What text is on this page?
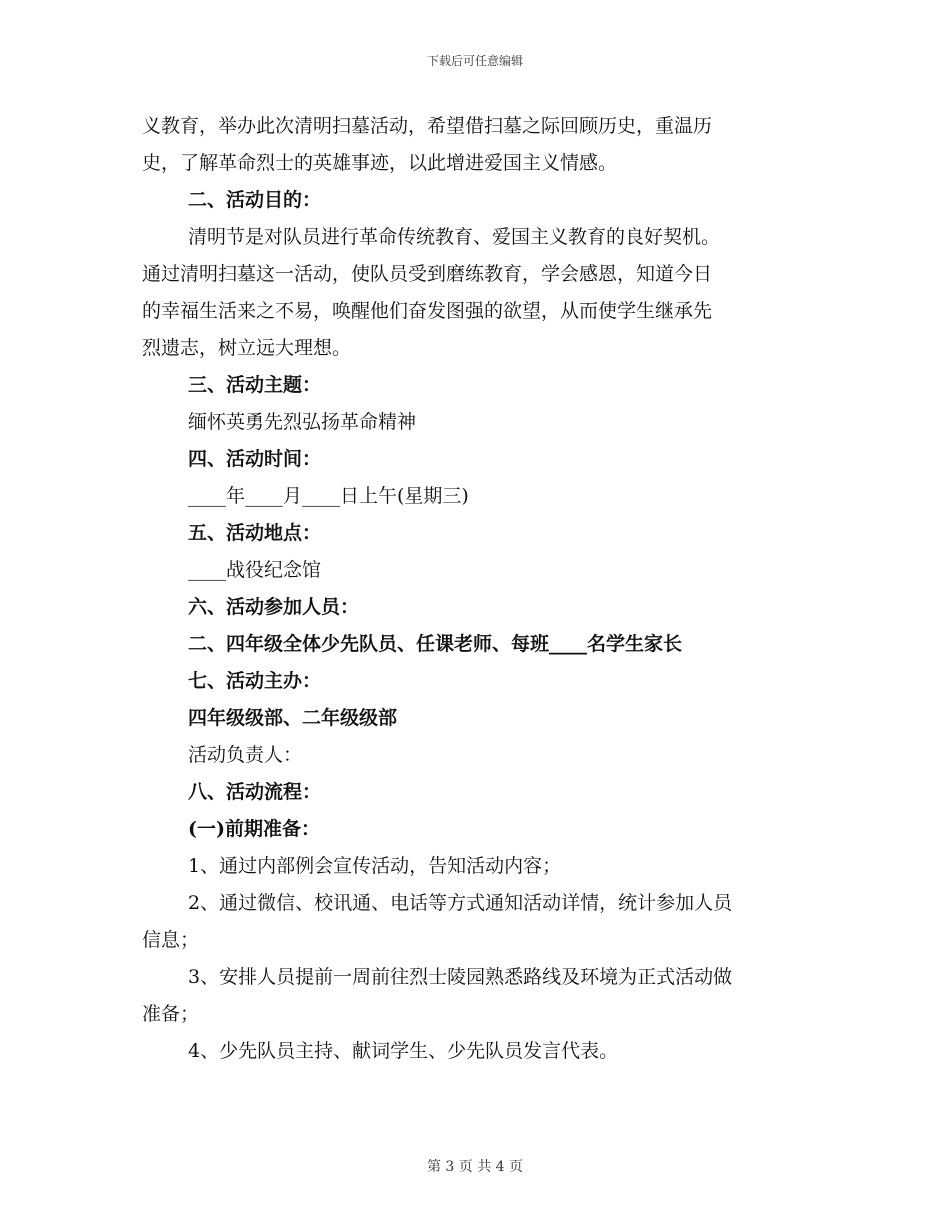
下载后可任意编辑
义教育，举办此次清明扫墓活动，希望借扫墓之际回顾历史，重温历
史，了解革命烈士的英雄事迹，以此增进爱国主义情感。
二、活动目的：
清明节是对队员进行革命传统教育、爱国主义教育的良好契机。
通过清明扫墓这一活动，使队员受到磨练教育，学会感恩，知道今日
的幸福生活来之不易，唤醒他们奋发图强的欲望，从而使学生继承先
烈遗志，树立远大理想。
三、活动主题：
缅怀英勇先烈弘扬革命精神
四、活动时间：
____年____月____日上午(星期三)
五、活动地点：
____战役纪念馆
六、活动参加人员：
二、四年级全体少先队员、任课老师、每班____名学生家长
七、活动主办：
四年级级部、二年级级部
活动负责人：
八、活动流程：
(一)前期准备：
1、通过内部例会宣传活动，告知活动内容；
2、通过微信、校讯通、电话等方式通知活动详情，统计参加人员
信息；
3、安排人员提前一周前往烈士陵园熟悉路线及环境为正式活动做
准备；
4、少先队员主持、献词学生、少先队员发言代表。
第 3 页 共 4 页
